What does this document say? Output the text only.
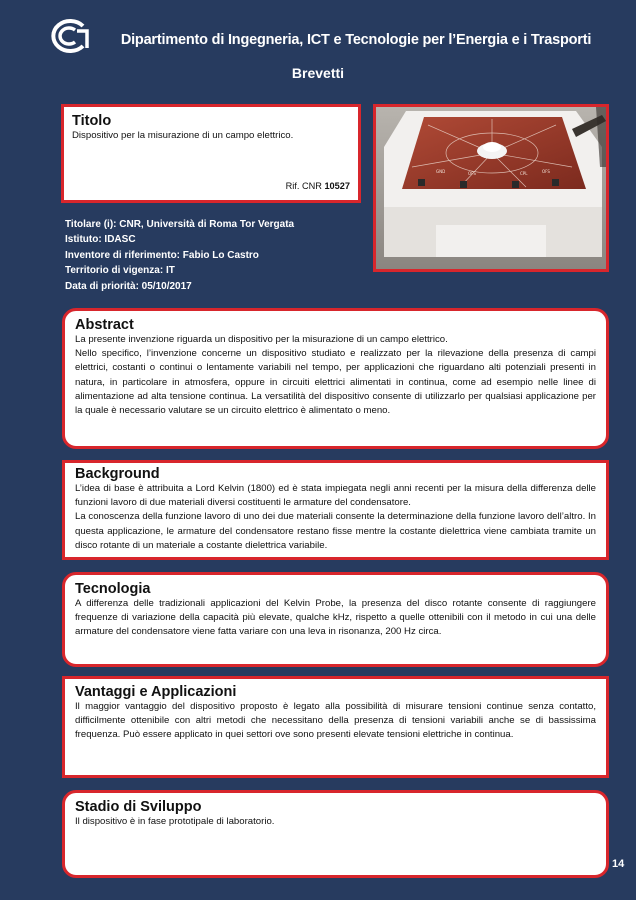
Dipartimento di Ingegneria, ICT e Tecnologie per l’Energia e i Trasporti
Brevetti
Titolo

Dispositivo per la misurazione di un campo elettrico.

Rif. CNR 10527
GND	OFS	CPL	OFS
Titolare (i): CNR, Università di Roma Tor Vergata
Istituto: IDASC
Inventore di riferimento: Fabio Lo Castro
Territorio di vigenza: IT
Data di priorità: 05/10/2017
Abstract

La presente invenzione riguarda un dispositivo per la misurazione di un campo elettrico.

Nello specifico, l’invenzione concerne un dispositivo studiato e realizzato per la rilevazione della presenza di campi elettrici, costanti o continui o lentamente variabili nel tempo, per applicazioni che riguardano alti potenziali presenti in natura, in particolare in atmosfera, oppure in circuiti elettrici alimentati in continua, come ad esempio nelle linee di alimentazione ad alta tensione continua. La versatilità del dispositivo consente di utilizzarlo per qualsiasi applicazione per la quale è necessario valutare se un circuito elettrico è alimentato o meno.

Background

L’idea di base è attribuita a Lord Kelvin (1800) ed è stata impiegata negli anni recenti per la misura della differenza delle funzioni lavoro di due materiali diversi costituenti le armature del condensatore.

La conoscenza della funzione lavoro di uno dei due materiali consente la determinazione della funzione lavoro dell’altro. In questa applicazione, le armature del condensatore restano fisse mentre la costante dielettrica viene cambiata tramite un disco rotante di un materiale a costante dielettrica variabile.

Tecnologia

A differenza delle tradizionali applicazioni del Kelvin Probe, la presenza del disco rotante consente di raggiungere frequenze di variazione della capacità più elevate, qualche kHz, rispetto a quelle ottenibili con il metodo in cui una delle armature del condensatore viene fatta variare con una leva in risonanza, 200 Hz circa.

Vantaggi e Applicazioni

Il maggior vantaggio del dispositivo proposto è legato alla possibilità di misurare tensioni continue senza contatto, difficilmente ottenibile con altri metodi che necessitano della presenza di tensioni variabili anche se di bassissima frequenza. Può essere applicato in quei settori ove sono presenti elevate tensioni elettriche in continua.

Stadio di Sviluppo

Il dispositivo è in fase prototipale di laboratorio.

14
